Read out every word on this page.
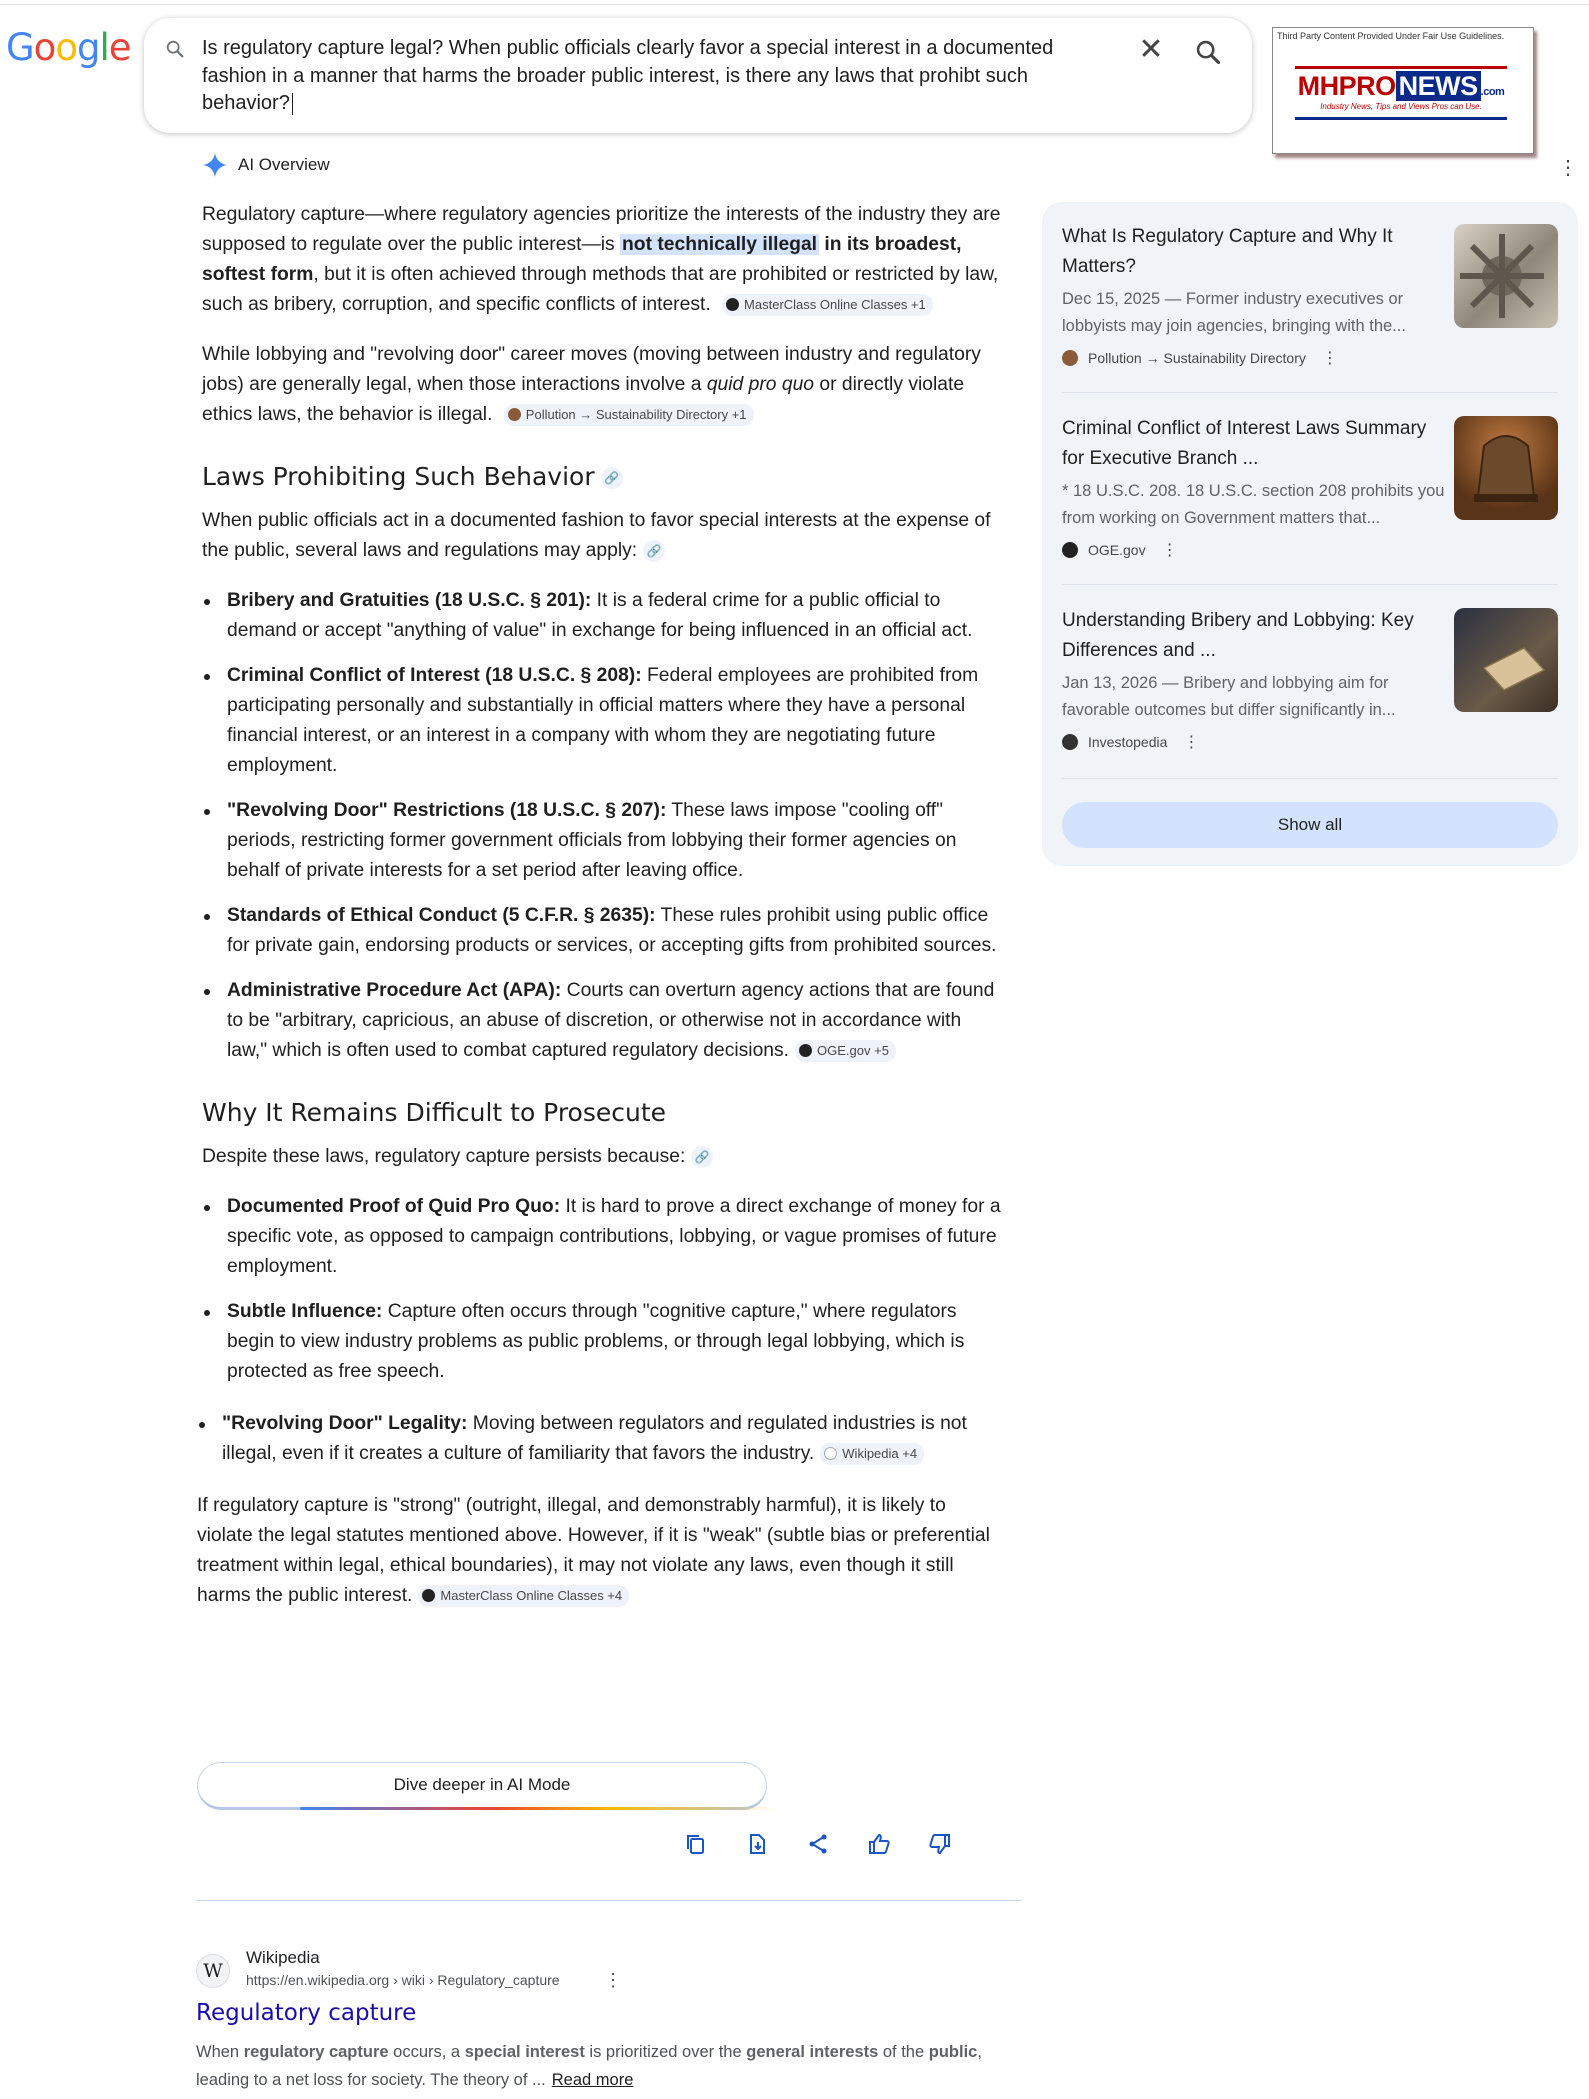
Google	Is regulatory capture legal? When public officials clearly favor a special interest in a documented fashion in a manner that harms the broader public interest, is there any laws that prohibt such behavior?
✕	Third Party Content Provided Under Fair Use Guidelines.
MHPRO NEWS .com
Industry News, Tips and Views Pros can Use.
⋮
AI Overview

Regulatory capture—where regulatory agencies prioritize the interests of the industry they are supposed to regulate over the public interest—is not technically illegal in its broadest, softest form, but it is often achieved through methods that are prohibited or restricted by law, such as bribery, corruption, and specific conflicts of interest.	MasterClass Online Classes +1

While lobbying and "revolving door" career moves (moving between industry and regulatory jobs) are generally legal, when those interactions involve a quid pro quo or directly violate ethics laws, the behavior is illegal.	Pollution → Sustainability Directory +1

Laws Prohibiting Such Behavior 🔗

When public officials act in a documented fashion to favor special interests at the expense of the public, several laws and regulations may apply: 🔗

Bribery and Gratuities (18 U.S.C. § 201): It is a federal crime for a public official to demand or accept "anything of value" in exchange for being influenced in an official act.
Criminal Conflict of Interest (18 U.S.C. § 208): Federal employees are prohibited from participating personally and substantially in official matters where they have a personal financial interest, or an interest in a company with whom they are negotiating future employment.
"Revolving Door" Restrictions (18 U.S.C. § 207): These laws impose "cooling off" periods, restricting former government officials from lobbying their former agencies on behalf of private interests for a set period after leaving office.
Standards of Ethical Conduct (5 C.F.R. § 2635): These rules prohibit using public office for private gain, endorsing products or services, or accepting gifts from prohibited sources.
Administrative Procedure Act (APA): Courts can overturn agency actions that are found to be "arbitrary, capricious, an abuse of discretion, or otherwise not in accordance with law," which is often used to combat captured regulatory decisions. OGE.gov +5
Why It Remains Difficult to Prosecute

Despite these laws, regulatory capture persists because: 🔗

Documented Proof of Quid Pro Quo: It is hard to prove a direct exchange of money for a specific vote, as opposed to campaign contributions, lobbying, or vague promises of future employment.
Subtle Influence: Capture often occurs through "cognitive capture," where regulators begin to view industry problems as public problems, or through legal lobbying, which is protected as free speech.
"Revolving Door" Legality: Moving between regulators and regulated industries is not illegal, even if it creates a culture of familiarity that favors the industry. Wikipedia +4

If regulatory capture is "strong" (outright, illegal, and demonstrably harmful), it is likely to violate the legal statutes mentioned above. However, if it is "weak" (subtle bias or preferential treatment within legal, ethical boundaries), it may not violate any laws, even though it still harms the public interest. MasterClass Online Classes +4

Dive deeper in AI Mode
W
Wikipedia
https://en.wikipedia.org › wiki › Regulatory_capture ⋮
Regulatory capture
When regulatory capture occurs, a special interest is prioritized over the general interests of the public, leading to a net loss for society. The theory of ... Read more
What Is Regulatory Capture and Why It Matters?
Dec 15, 2025 — Former industry executives or lobbyists may join agencies, bringing with the...
Pollution → Sustainability Directory ⋮
Criminal Conflict of Interest Laws Summary for Executive Branch ...
* 18 U.S.C. 208. 18 U.S.C. section 208 prohibits you from working on Government matters that...
OGE.gov ⋮
Understanding Bribery and Lobbying: Key Differences and ...
Jan 13, 2026 — Bribery and lobbying aim for favorable outcomes but differ significantly in...
Investopedia ⋮
Show all
